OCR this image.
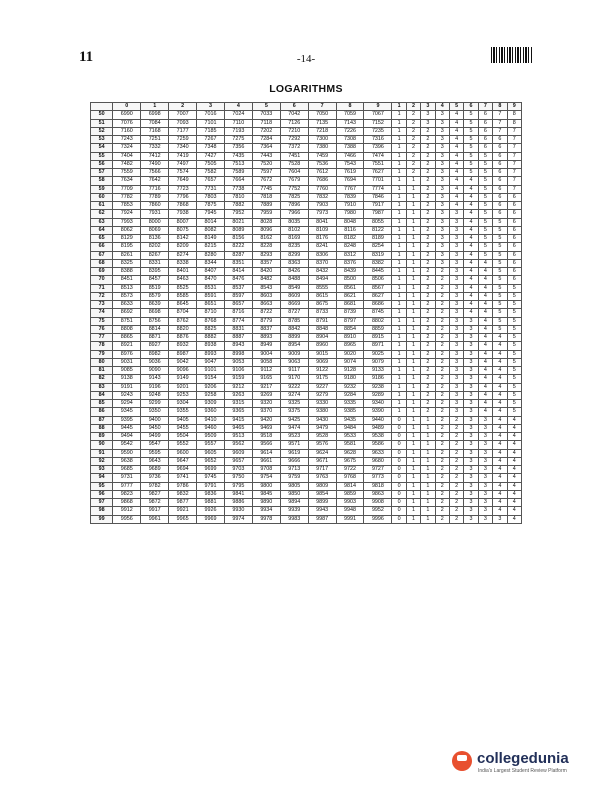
11	-14-
LOGARITHMS
	0	1	2	3	4	5	6	7	8	9	1	2	3	4	5	6	7	8	9
50	6990	6998	7007	7016	7024	7033	7042	7050	7059	7067	1	2	3	3	4	5	6	7	8
51	7076	7084	7093	7101	7110	7118	7126	7135	7143	7152	1	2	3	3	4	5	6	7	8
52	7160	7168	7177	7185	7193	7202	7210	7218	7226	7235	1	2	2	3	4	5	6	7	7
53	7243	7251	7259	7267	7275	7284	7292	7300	7308	7316	1	2	2	3	4	5	6	6	7
54	7324	7332	7340	7348	7356	7364	7372	7380	7388	7396	1	2	2	3	4	5	6	6	7
55	7404	7412	7419	7427	7435	7443	7451	7459	7466	7474	1	2	2	3	4	5	5	6	7
56	7482	7490	7497	7505	7513	7520	7528	7536	7543	7551	1	2	2	3	4	5	5	6	7
57	7559	7566	7574	7582	7589	7597	7604	7612	7619	7627	1	2	2	3	4	5	5	6	7
58	7634	7642	7649	7657	7664	7672	7679	7686	7694	7701	1	1	2	3	4	4	5	6	7
59	7709	7716	7723	7731	7738	7745	7752	7760	7767	7774	1	1	2	3	4	4	5	6	7
60	7782	7789	7796	7803	7810	7818	7825	7832	7839	7846	1	1	2	3	4	4	5	6	6
61	7853	7860	7868	7875	7882	7889	7896	7903	7910	7917	1	1	2	3	4	4	5	6	6
62	7924	7931	7938	7945	7952	7959	7966	7973	7980	7987	1	1	2	3	3	4	5	6	6
63	7993	8000	8007	8014	8021	8028	8035	8041	8048	8055	1	1	2	3	3	4	5	5	6
64	8062	8069	8075	8082	8089	8096	8102	8109	8116	8122	1	1	2	3	3	4	5	5	6
65	8129	8136	8142	8149	8156	8162	8169	8176	8182	8189	1	1	2	3	3	4	5	5	6
66	8195	8202	8209	8215	8222	8228	8235	8241	8248	8254	1	1	2	3	3	4	5	5	6
67	8261	8267	8274	8280	8287	8293	8299	8306	8312	8319	1	1	2	3	3	4	5	5	6
68	8325	8331	8338	8344	8351	8357	8363	8370	8376	8382	1	1	2	3	3	4	4	5	6
69	8388	8395	8401	8407	8414	8420	8426	8432	8439	8445	1	1	2	2	3	4	4	5	6
70	8451	8457	8463	8470	8476	8482	8488	8494	8500	8506	1	1	2	2	3	4	4	5	6
71	8513	8519	8525	8531	8537	8543	8549	8555	8561	8567	1	1	2	2	3	4	4	5	5
72	8573	8579	8585	8591	8597	8603	8609	8615	8621	8627	1	1	2	2	3	4	4	5	5
73	8633	8639	8645	8651	8657	8663	8669	8675	8681	8686	1	1	2	2	3	4	4	5	5
74	8692	8698	8704	8710	8716	8722	8727	8733	8739	8745	1	1	2	2	3	4	4	5	5
75	8751	8756	8762	8768	8774	8779	8785	8791	8797	8802	1	1	2	2	3	3	4	5	5
76	8808	8814	8820	8825	8831	8837	8842	8848	8854	8859	1	1	2	2	3	3	4	5	5
77	8865	8871	8876	8882	8887	8893	8899	8904	8910	8915	1	1	2	2	3	3	4	4	5
78	8921	8927	8932	8938	8943	8949	8954	8960	8965	8971	1	1	2	2	3	3	4	4	5
79	8976	8982	8987	8993	8998	9004	9009	9015	9020	9025	1	1	2	2	3	3	4	4	5
80	9031	9036	9042	9047	9053	9058	9063	9069	9074	9079	1	1	2	2	3	3	4	4	5
81	9085	9090	9096	9101	9106	9112	9117	9122	9128	9133	1	1	2	2	3	3	4	4	5
82	9138	9143	9149	9154	9159	9165	9170	9175	9180	9186	1	1	2	2	3	3	4	4	5
83	9191	9196	9201	9206	9212	9217	9222	9227	9232	9238	1	1	2	2	3	3	4	4	5
84	9243	9248	9253	9258	9263	9269	9274	9279	9284	9289	1	1	2	2	3	3	4	4	5
85	9294	9299	9304	9309	9315	9320	9325	9330	9335	9340	1	1	2	2	3	3	4	4	5
86	9345	9350	9355	9360	9365	9370	9375	9380	9385	9390	1	1	2	2	3	3	4	4	5
87	9395	9400	9405	9410	9415	9420	9425	9430	9435	9440	0	1	1	2	2	3	3	4	4
88	9445	9450	9455	9460	9465	9469	9474	9479	9484	9489	0	1	1	2	2	3	3	4	4
89	9494	9499	9504	9509	9513	9518	9523	9528	9533	9538	0	1	1	2	2	3	3	4	4
90	9542	9547	9552	9557	9562	9566	9571	9576	9581	9586	0	1	1	2	2	3	3	4	4
91	9590	9595	9600	9605	9609	9614	9619	9624	9628	9633	0	1	1	2	2	3	3	4	4
92	9638	9643	9647	9652	9657	9661	9666	9671	9675	9680	0	1	1	2	2	3	3	4	4
93	9685	9689	9694	9699	9703	9708	9713	9717	9722	9727	0	1	1	2	2	3	3	4	4
94	9731	9736	9741	9745	9750	9754	9759	9763	9768	9773	0	1	1	2	2	3	3	4	4
95	9777	9782	9786	9791	9795	9800	9805	9809	9814	9818	0	1	1	2	2	3	3	4	4
96	9823	9827	9832	9836	9841	9845	9850	9854	9859	9863	0	1	1	2	2	3	3	4	4
97	9868	9872	9877	9881	9886	9890	9894	9899	9903	9908	0	1	1	2	2	3	3	4	4
98	9912	9917	9921	9926	9930	9934	9939	9943	9948	9952	0	1	1	2	2	3	3	4	4
99	9956	9961	9965	9969	9974	9978	9983	9987	9991	9996	0	1	1	2	2	3	3	3	4
collegedunia
India's Largest Student Review Platform
